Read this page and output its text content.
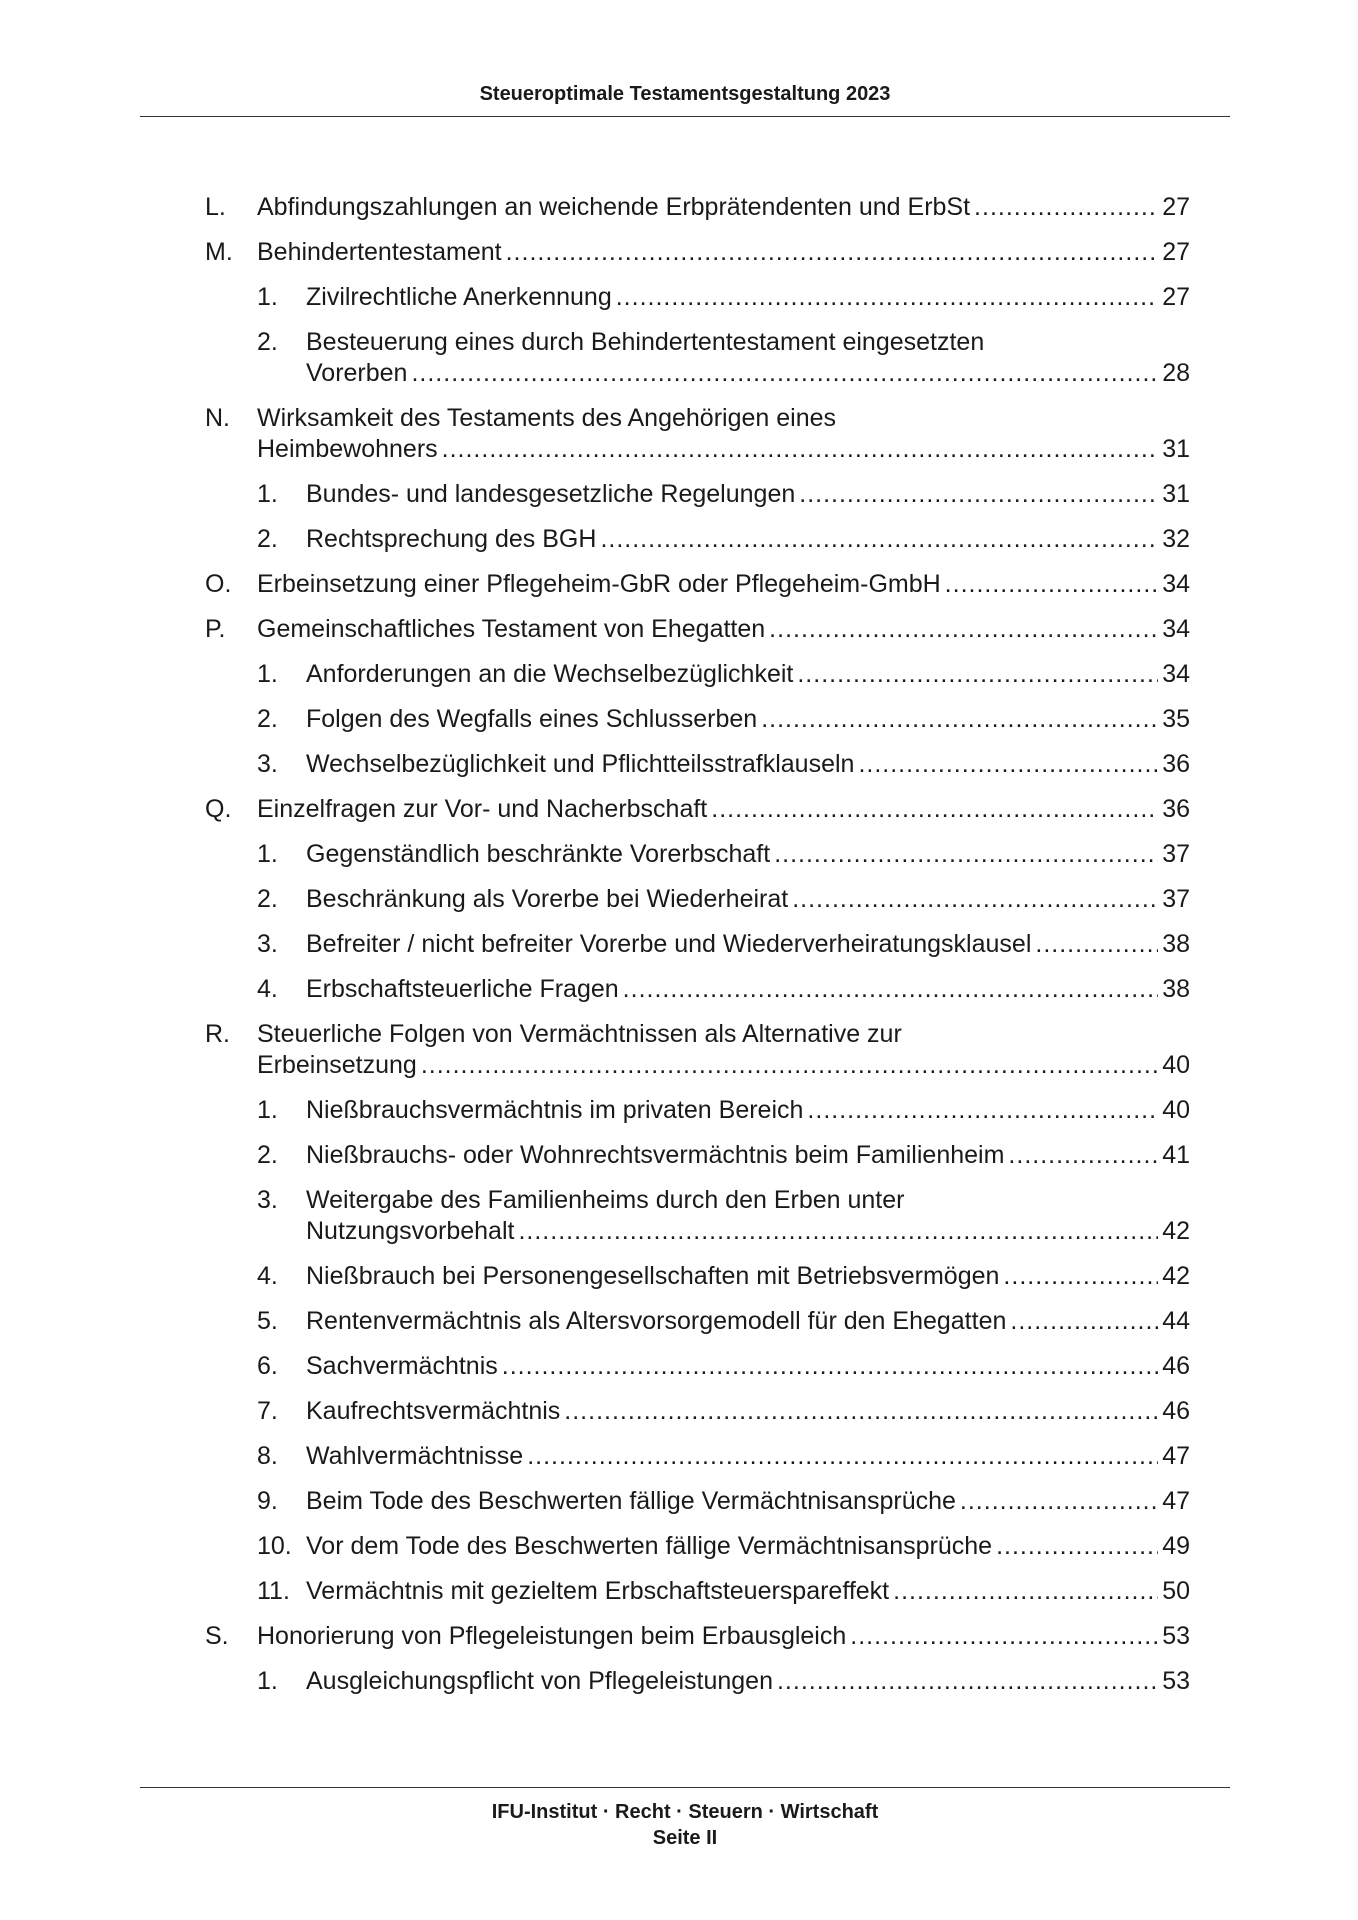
Steueroptimale Testamentsgestaltung 2023
L. Abfindungszahlungen an weichende Erbprätendenten und ErbSt .....	27
M. Behindertentestament .....	27
1. Zivilrechtliche Anerkennung .....	27
2. Besteuerung eines durch Behindertentestament eingesetzten
Vorerben .....	28
N. Wirksamkeit des Testaments des Angehörigen eines
Heimbewohners .....	31
1. Bundes- und landesgesetzliche Regelungen .....	31
2. Rechtsprechung des BGH .....	32
O. Erbeinsetzung einer Pflegeheim-GbR oder Pflegeheim-GmbH .....	34
P. Gemeinschaftliches Testament von Ehegatten .....	34
1. Anforderungen an die Wechselbezüglichkeit .....	34
2. Folgen des Wegfalls eines Schlusserben .....	35
3. Wechselbezüglichkeit und Pflichtteilsstrafklauseln .....	36
Q. Einzelfragen zur Vor- und Nacherbschaft .....	36
1. Gegenständlich beschränkte Vorerbschaft .....	37
2. Beschränkung als Vorerbe bei Wiederheirat .....	37
3. Befreiter / nicht befreiter Vorerbe und Wiederverheiratungsklausel .....	38
4. Erbschaftsteuerliche Fragen .....	38
R. Steuerliche Folgen von Vermächtnissen als Alternative zur
Erbeinsetzung .....	40
1. Nießbrauchsvermächtnis im privaten Bereich .....	40
2. Nießbrauchs- oder Wohnrechtsvermächtnis beim Familienheim .....	41
3. Weitergabe des Familienheims durch den Erben unter
Nutzungsvorbehalt .....	42
4. Nießbrauch bei Personengesellschaften mit Betriebsvermögen .....	42
5. Rentenvermächtnis als Altersvorsorgemodell für den Ehegatten .....	44
6. Sachvermächtnis .....	46
7. Kaufrechtsvermächtnis .....	46
8. Wahlvermächtnisse .....	47
9. Beim Tode des Beschwerten fällige Vermächtnisansprüche .....	47
10. Vor dem Tode des Beschwerten fällige Vermächtnisansprüche .....	49
11. Vermächtnis mit gezieltem Erbschaftsteuerspareffekt .....	50
S. Honorierung von Pflegeleistungen beim Erbausgleich .....	53
1. Ausgleichungspflicht von Pflegeleistungen .....	53
IFU-Institut · Recht · Steuern · Wirtschaft
Seite II
